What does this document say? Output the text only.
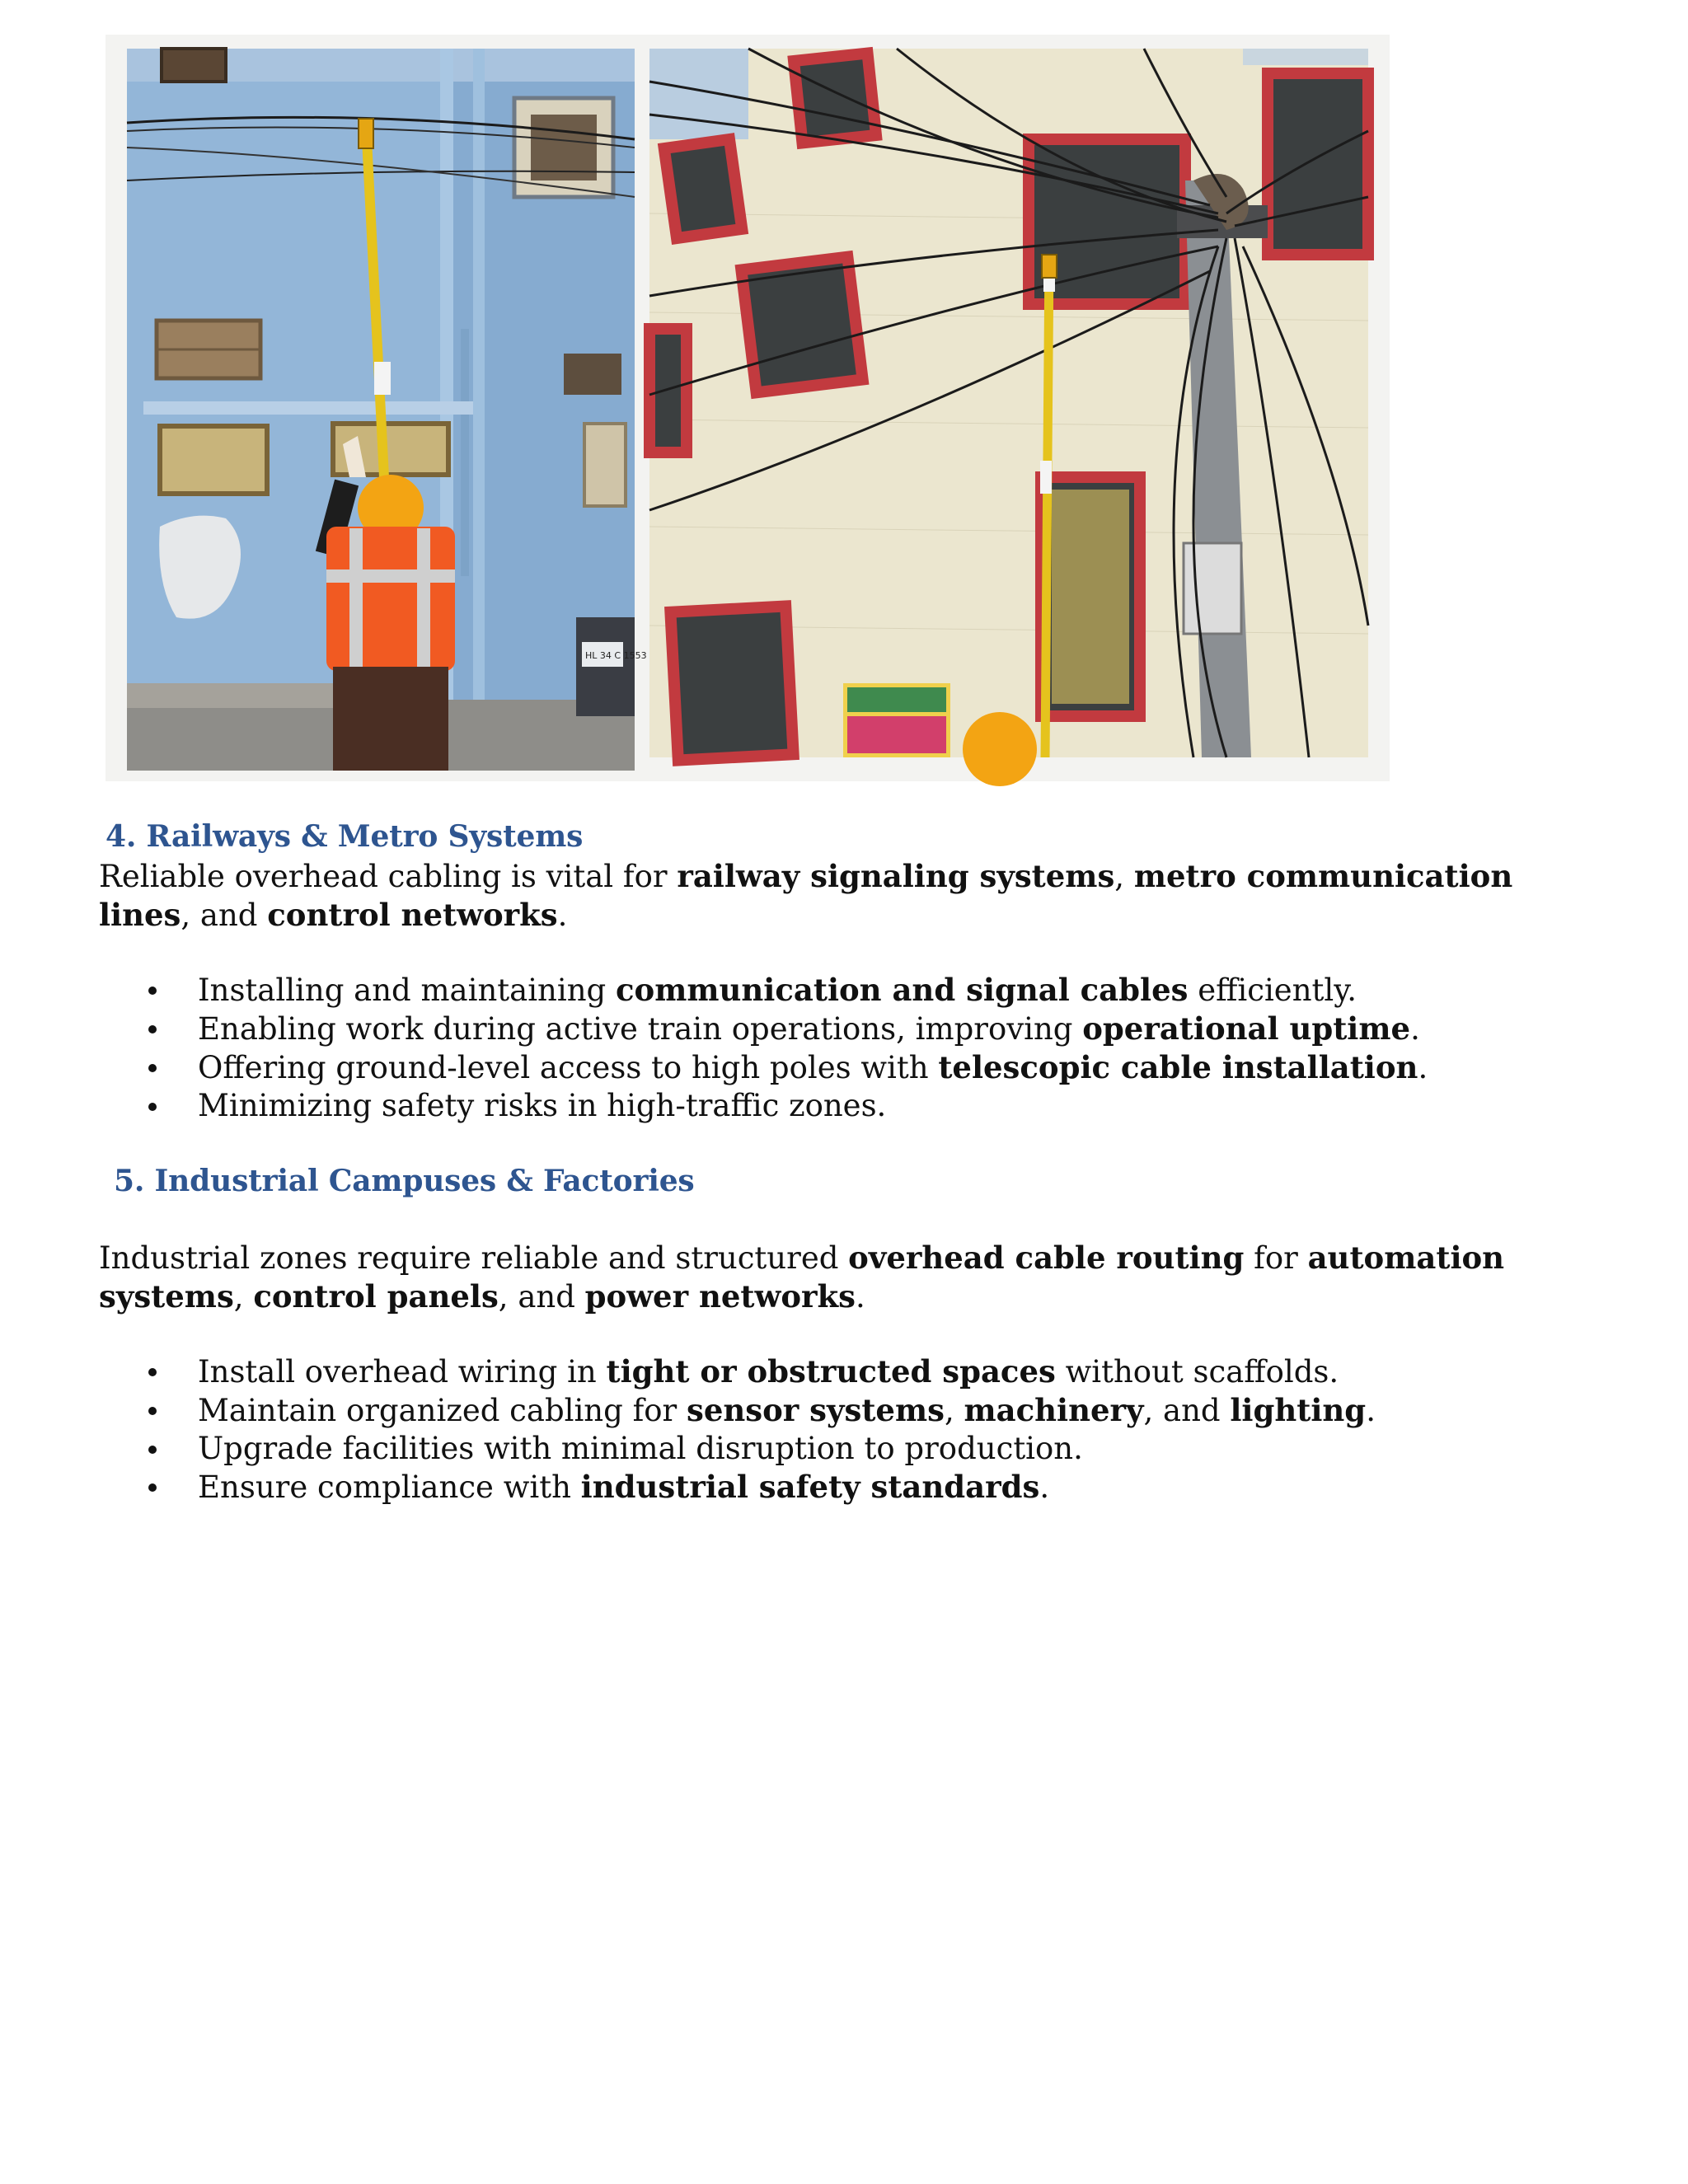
HL 34 C 1553
4. Railways & Metro Systems

Reliable overhead cabling is vital for railway signaling systems, metro communication lines, and control networks.

Installing and maintaining communication and signal cables efficiently.
Enabling work during active train operations, improving operational uptime.
Offering ground-level access to high poles with telescopic cable installation.
Minimizing safety risks in high-traffic zones.
5. Industrial Campuses & Factories

Industrial zones require reliable and structured overhead cable routing for automation systems, control panels, and power networks.

Install overhead wiring in tight or obstructed spaces without scaffolds.
Maintain organized cabling for sensor systems, machinery, and lighting.
Upgrade facilities with minimal disruption to production.
Ensure compliance with industrial safety standards.
